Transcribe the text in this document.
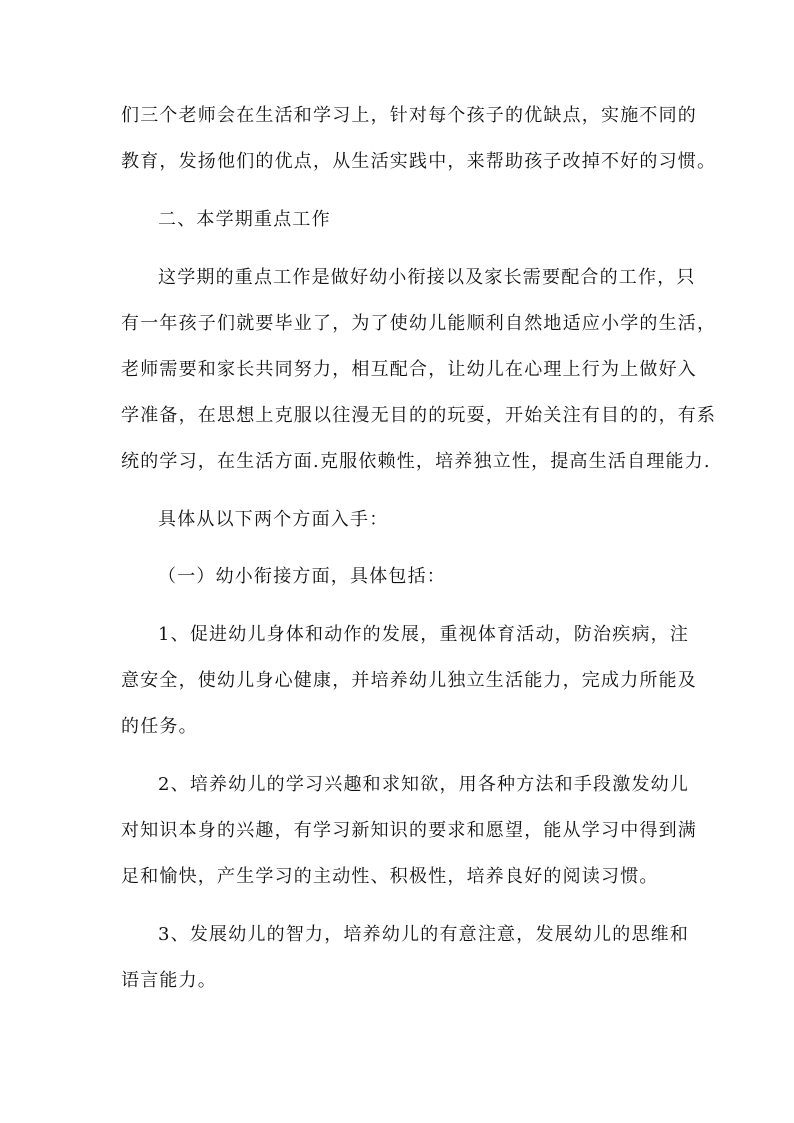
们三个老师会在生活和学习上，针对每个孩子的优缺点，实施不同的
教育，发扬他们的优点，从生活实践中，来帮助孩子改掉不好的习惯。
二、本学期重点工作
这学期的重点工作是做好幼小衔接以及家长需要配合的工作，只
有一年孩子们就要毕业了，为了使幼儿能顺利自然地适应小学的生活，
老师需要和家长共同努力，相互配合，让幼儿在心理上行为上做好入
学准备，在思想上克服以往漫无目的的玩耍，开始关注有目的的，有系
统的学习，在生活方面.克服依赖性，培养独立性，提高生活自理能力.
具体从以下两个方面入手：
（一）幼小衔接方面，具体包括：
1、促进幼儿身体和动作的发展，重视体育活动，防治疾病，注
意安全，使幼儿身心健康，并培养幼儿独立生活能力，完成力所能及
的任务。
2、培养幼儿的学习兴趣和求知欲，用各种方法和手段激发幼儿
对知识本身的兴趣，有学习新知识的要求和愿望，能从学习中得到满
足和愉快，产生学习的主动性、积极性，培养良好的阅读习惯。
3、发展幼儿的智力，培养幼儿的有意注意，发展幼儿的思维和
语言能力。
